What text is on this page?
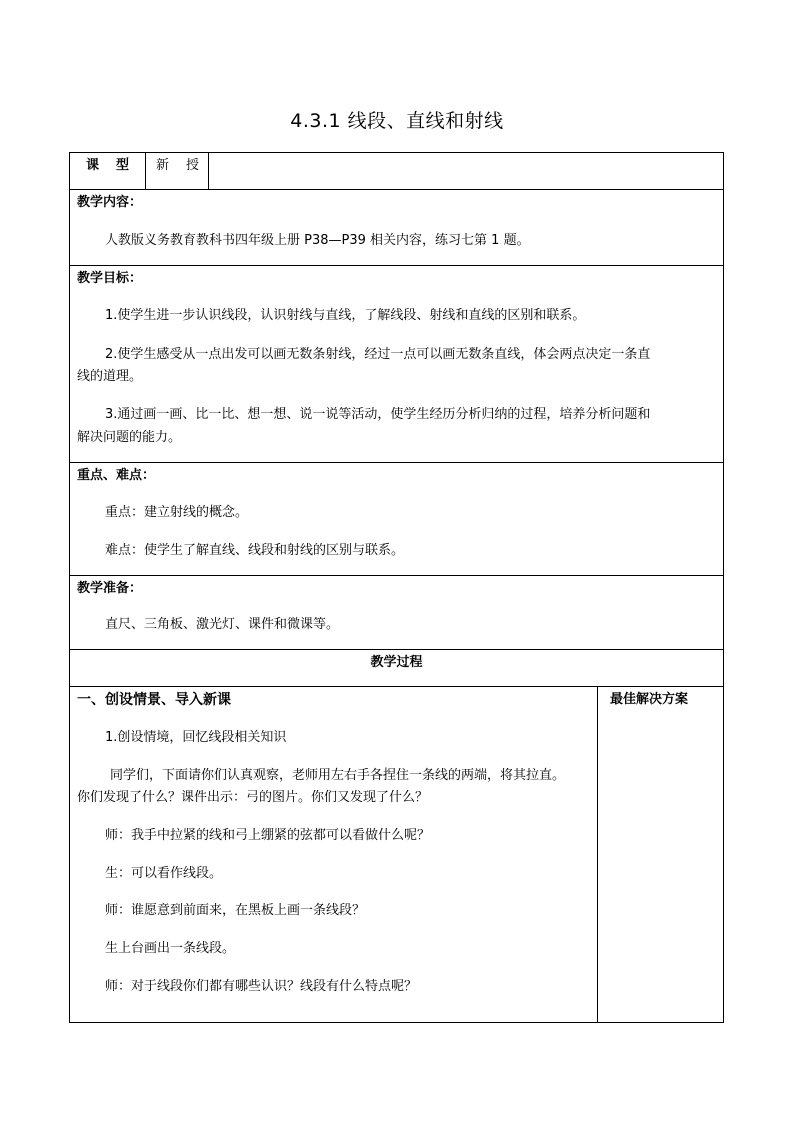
4.3.1 线段、直线和射线
课　型 新　授
教学内容：
人教版义务教育教科书四年级上册 P38—P39 相关内容，练习七第 1 题。
教学目标：
1.使学生进一步认识线段，认识射线与直线，了解线段、射线和直线的区别和联系。
2.使学生感受从一点出发可以画无数条射线，经过一点可以画无数条直线，体会两点决定一条直
线的道理。
3.通过画一画、比一比、想一想、说一说等活动，使学生经历分析归纳的过程，培养分析问题和
解决问题的能力。
重点、难点：
重点：建立射线的概念。
难点：使学生了解直线、线段和射线的区别与联系。
教学准备：
直尺、三角板、激光灯、课件和微课等。
教学过程
一、创设情景、导入新课	最佳解决方案
1.创设情境，回忆线段相关知识
同学们，下面请你们认真观察，老师用左右手各捏住一条线的两端，将其拉直。
你们发现了什么？课件出示：弓的图片。你们又发现了什么？
师：我手中拉紧的线和弓上绷紧的弦都可以看做什么呢？
生：可以看作线段。
师：谁愿意到前面来，在黑板上画一条线段？
生上台画出一条线段。
师：对于线段你们都有哪些认识？线段有什么特点呢？
